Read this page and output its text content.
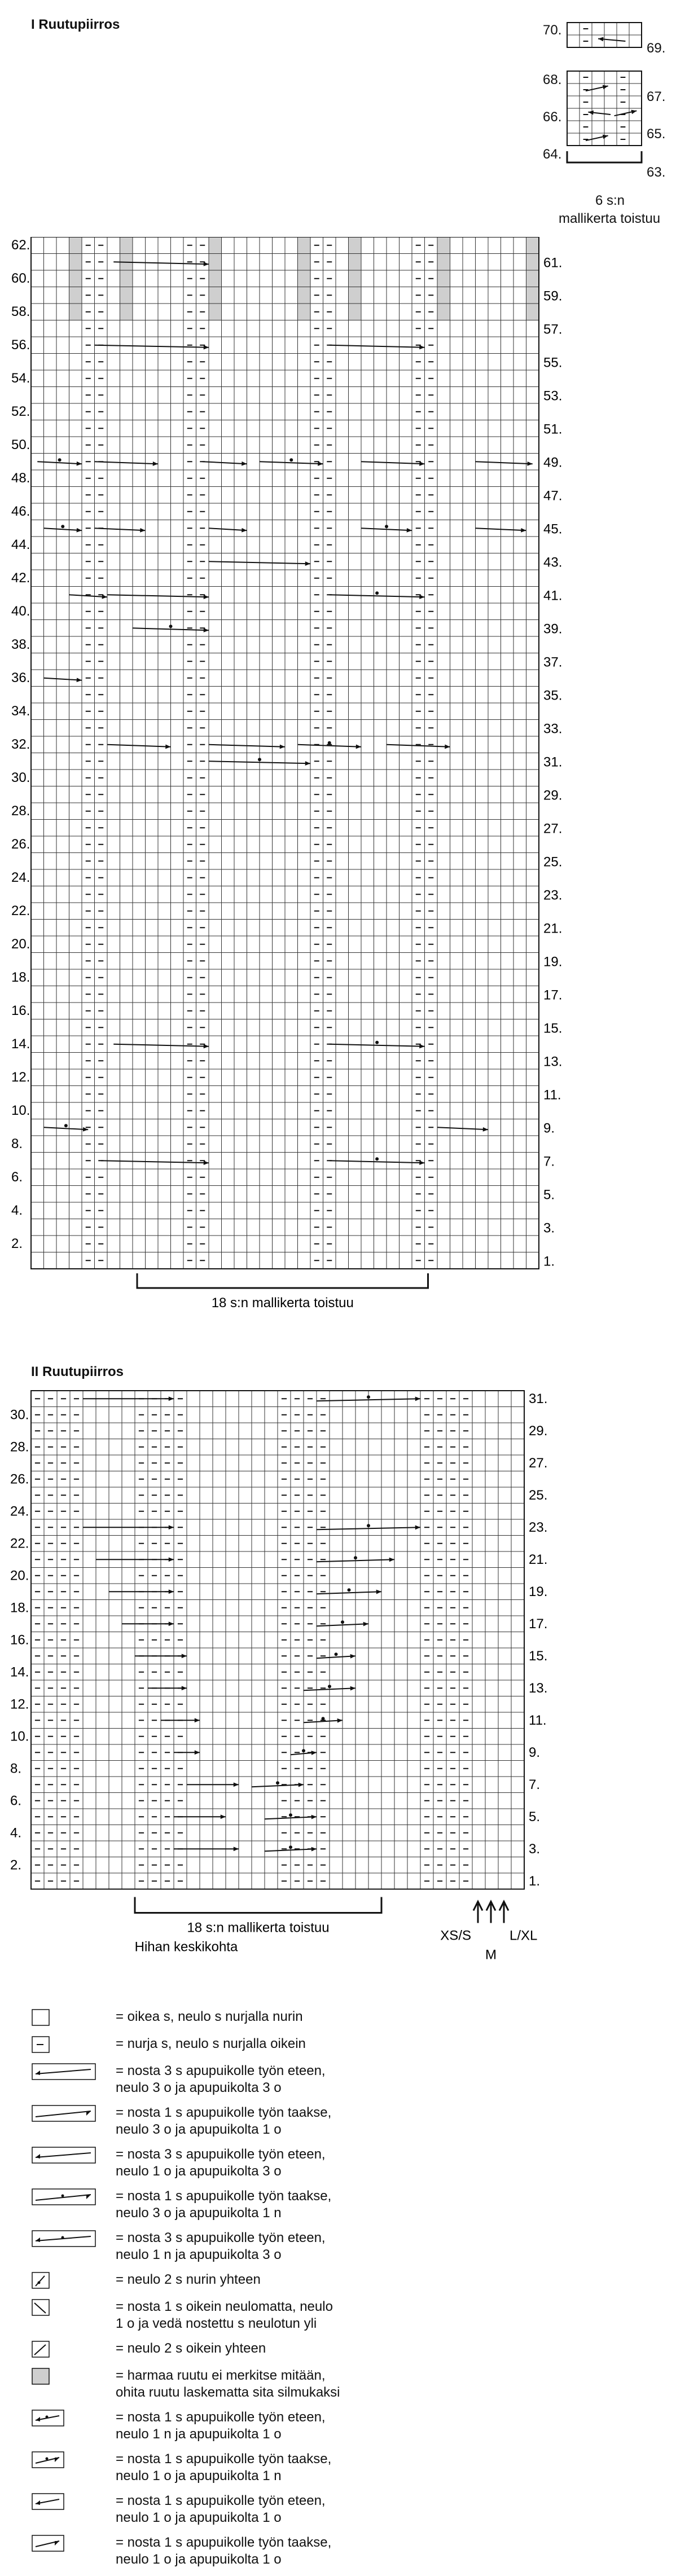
I Ruutupiirros	70.
69.
68.
67.
66.
65.
64.
63.
6 s:n
mallikerta toistuu
62.
60.
58.
56.
54.
52.
50.
48.
46.
44.
42.
40.
38.
36.
34.
32.
30.
28.
26.
24.
22.
20.
18.
16.
14.
12.
10.
8.
6.
4.
2.
61.
59.
57.
55.
53.
51.
49.
47.
45.
43.
41.
39.
37.
35.
33.
31.
29.
27.
25.
23.
21.
19.
17.
15.
13.
11.
9.
7.
5.
3.
1.
18 s:n mallikerta toistuu
II Ruutupiirros
30.
28.
26.
24.
22.
20.
18.
16.
14.
12.
10.
8.
6.
4.
2.
31.
29.
27.
25.
23.
21.
19.
17.
15.
13.
11.
9.
7.
5.
3.
1.
18 s:n mallikerta toistuu
Hihan keskikohta
XS/S
M
L/XL
= oikea s, neulo s nurjalla nurin
= nurja s, neulo s nurjalla oikein
= nosta 3 s apupuikolle työn eteen,
neulo 3 o ja apupuikolta 3 o
= nosta 1 s apupuikolle työn taakse,
neulo 3 o ja apupuikolta 1 o
= nosta 3 s apupuikolle työn eteen,
neulo 1 o ja apupuikolta 3 o
= nosta 1 s apupuikolle työn taakse,
neulo 3 o ja apupuikolta 1 n
= nosta 3 s apupuikolle työn eteen,
neulo 1 n ja apupuikolta 3 o
= neulo 2 s nurin yhteen
= nosta 1 s oikein neulomatta, neulo
1 o ja vedä nostettu s neulotun yli
= neulo 2 s oikein yhteen
= harmaa ruutu ei merkitse mitään,
ohita ruutu laskematta sita silmukaksi
= nosta 1 s apupuikolle työn eteen,
neulo 1 n ja apupuikolta 1 o
= nosta 1 s apupuikolle työn taakse,
neulo 1 o ja apupuikolta 1 n
= nosta 1 s apupuikolle työn eteen,
neulo 1 o ja apupuikolta 1 o
= nosta 1 s apupuikolle työn taakse,
neulo 1 o ja apupuikolta 1 o
